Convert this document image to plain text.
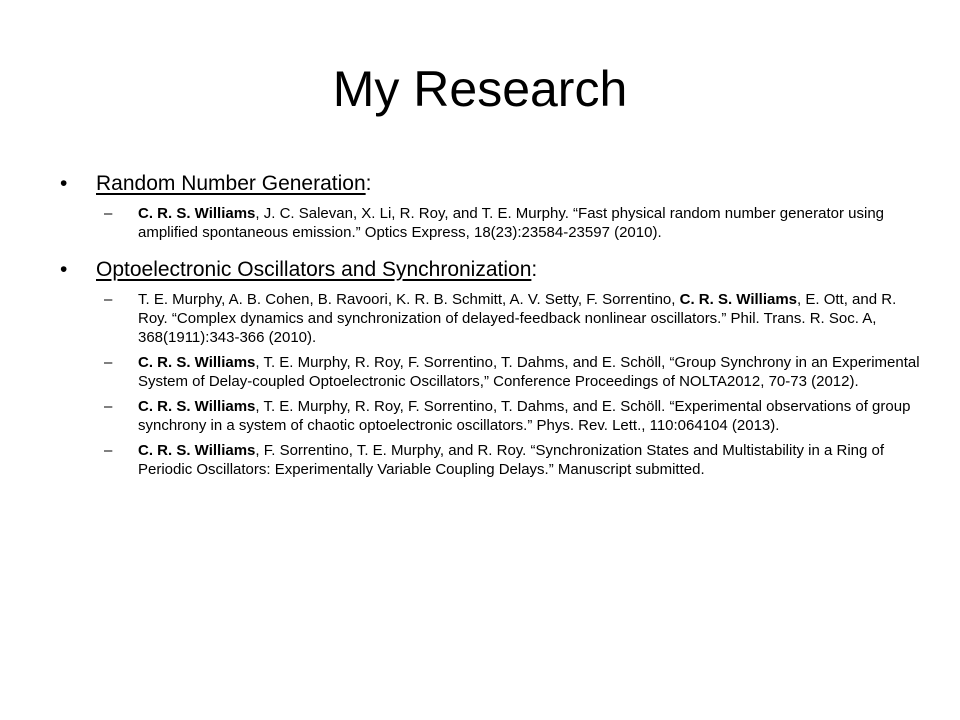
My Research
• Random Number Generation:
– C. R. S. Williams, J. C. Salevan, X. Li, R. Roy, and T. E. Murphy. “Fast physical random number generator using amplified spontaneous emission.” Optics Express, 18(23):23584-23597 (2010).
• Optoelectronic Oscillators and Synchronization:
– T. E. Murphy, A. B. Cohen, B. Ravoori, K. R. B. Schmitt, A. V. Setty, F. Sorrentino, C. R. S. Williams, E. Ott, and R. Roy. “Complex dynamics and synchronization of delayed-feedback nonlinear oscillators.” Phil. Trans. R. Soc. A, 368(1911):343-366 (2010).
– C. R. S. Williams, T. E. Murphy, R. Roy, F. Sorrentino, T. Dahms, and E. Schöll, “Group Synchrony in an Experimental System of Delay-coupled Optoelectronic Oscillators,” Conference Proceedings of NOLTA2012, 70-73 (2012).
– C. R. S. Williams, T. E. Murphy, R. Roy, F. Sorrentino, T. Dahms, and E. Schöll. “Experimental observations of group synchrony in a system of chaotic optoelectronic oscillators.” Phys. Rev. Lett., 110:064104 (2013).
– C. R. S. Williams, F. Sorrentino, T. E. Murphy, and R. Roy. “Synchronization States and Multistability in a Ring of Periodic Oscillators: Experimentally Variable Coupling Delays.” Manuscript submitted.
